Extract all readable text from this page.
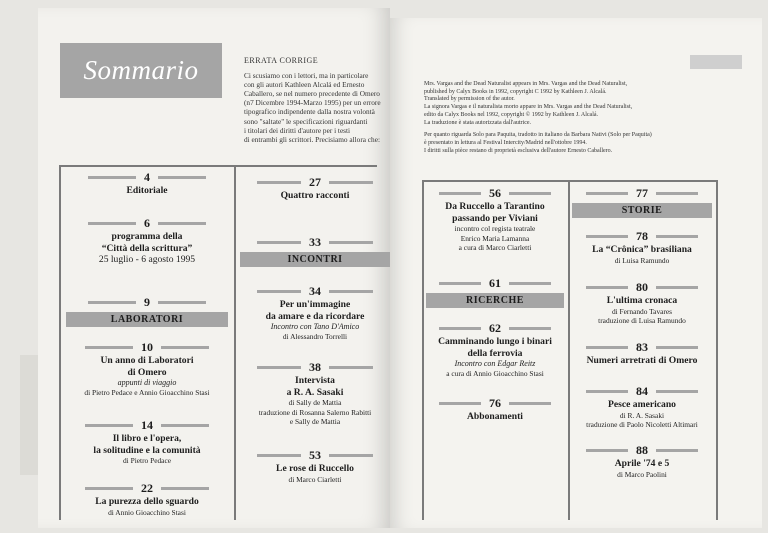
Sommario	ERRATA CORRIGE

Ci scusiamo con i lettori, ma in particolare

con gli autori Kathleen Alcalá ed Ernesto

Caballero, se nel numero precedente di Omero

(n7 Dicembre 1994-Marzo 1995) per un errore

tipografico indipendente dalla nostra volontà

sono "saltate" le specificazioni riguardanti

i titolari dei diritti d'autore per i testi

di entrambi gli scrittori. Precisiamo allora che:

Mrs. Vargas and the Dead Naturalist appears in Mrs. Vargas and the Dead Naturalist,

published by Calyx Books in 1992, copyright C 1992 by Kathleen J. Alcalá.

Translated by permission of the autor.

La signora Vargas e il naturalista morto appare in Mrs. Vargas and the Dead Naturalist,

edito da Calyx Books nel 1992, copyright © 1992 by Kathleen J. Alcalá.

La traduzione è stata autorizzata dall'autrice.

Per quanto riguarda Solo para Paquita, tradotto in italiano da Barbara Nativi (Solo per Paquita)

è presentato in lettura al Festival Intercity/Madrid nell'ottobre 1994.

I diritti sulla pièce restano di proprietà esclusiva dell'autore Ernesto Caballero.

4
Editoriale
6
programma della
“Città della scrittura”
25 luglio - 6 agosto 1995
9
LABORATORI
10
Un anno di Laboratori
di Omero
appunti di viaggio
di Pietro Pedace e Annio Gioacchino Stasi
14
Il libro e l'opera,
la solitudine e la comunità
di Pietro Pedace
22
La purezza dello sguardo
di Annio Gioacchino Stasi
27
Quattro racconti
33
INCONTRI
34
Per un'immagine
da amare e da ricordare
Incontro con Tano D'Amico
di Alessandro Torrelli
38
Intervista
a R. A. Sasaki
di Sally de Mattia
traduzione di Rosanna Salerno Rabitti
e Sally de Mattia
53
Le rose di Ruccello
di Marco Ciarletti
56
Da Ruccello a Tarantino
passando per Viviani
incontro col regista teatrale
Enrico Maria Lamanna
a cura di Marco Ciarletti
61
RICERCHE
62
Camminando lungo i binari
della ferrovia
Incontro con Edgar Reitz
a cura di Annio Gioacchino Stasi
76
Abbonamenti
77
STORIE
78
La “Crônica” brasiliana
di Luisa Ramundo
80
L'ultima cronaca
di Fernando Tavares
traduzione di Luisa Ramundo
83
Numeri arretrati di Omero
84
Pesce americano
di R. A. Sasaki
traduzione di Paolo Nicoletti Altimari
88
Aprile '74 e 5
di Marco Paolini
